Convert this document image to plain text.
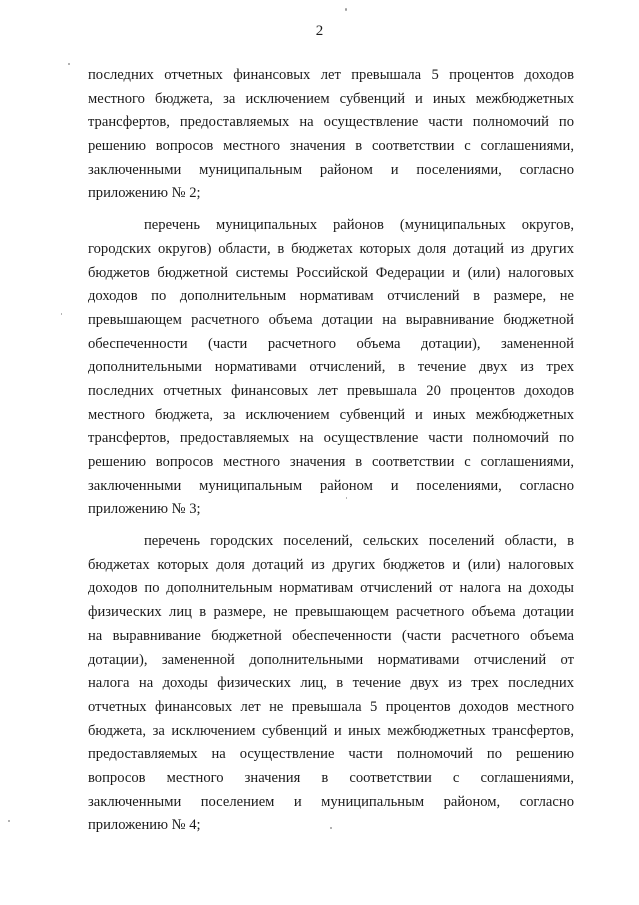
2
последних отчетных финансовых лет превышала 5 процентов доходов
местного бюджета, за исключением субвенций и иных межбюджетных
трансфертов, предоставляемых на осуществление части полномочий по
решению вопросов местного значения в соответствии с соглашениями,
заключенными муниципальным районом и поселениями, согласно
приложению № 2;
перечень муниципальных районов (муниципальных округов,
городских округов) области, в бюджетах которых доля дотаций из других
бюджетов бюджетной системы Российской Федерации и (или) налоговых
доходов по дополнительным нормативам отчислений в размере, не
превышающем расчетного объема дотации на выравнивание бюджетной
обеспеченности (части расчетного объема дотации), замененной
дополнительными нормативами отчислений, в течение двух из трех
последних отчетных финансовых лет превышала 20 процентов доходов
местного бюджета, за исключением субвенций и иных межбюджетных
трансфертов, предоставляемых на осуществление части полномочий по
решению вопросов местного значения в соответствии с соглашениями,
заключенными муниципальным районом и поселениями, согласно
приложению № 3;
перечень городских поселений, сельских поселений области, в
бюджетах которых доля дотаций из других бюджетов и (или) налоговых
доходов по дополнительным нормативам отчислений от налога на доходы
физических лиц в размере, не превышающем расчетного объема дотации
на выравнивание бюджетной обеспеченности (части расчетного объема
дотации), замененной дополнительными нормативами отчислений от
налога на доходы физических лиц, в течение двух из трех последних
отчетных финансовых лет не превышала 5 процентов доходов местного
бюджета, за исключением субвенций и иных межбюджетных трансфертов,
предоставляемых на осуществление части полномочий по решению
вопросов местного значения в соответствии с соглашениями,
заключенными поселением и муниципальным районом, согласно
приложению № 4;
